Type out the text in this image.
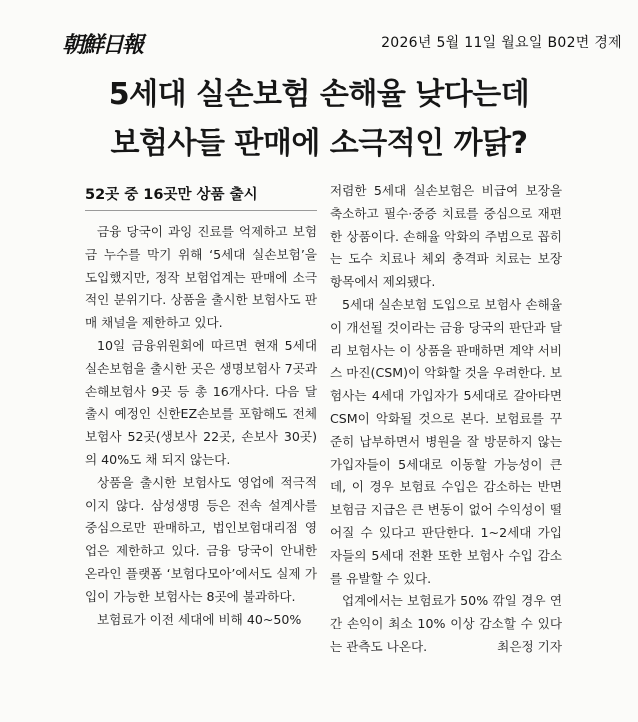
朝鮮日報	2026년 5월 11일 월요일 B02면 경제
5세대 실손보험 손해율 낮다는데
보험사들 판매에 소극적인 까닭?
52곳 중 16곳만 상품 출시

금융 당국이 과잉 진료를 억제하고 보험금 누수를 막기 위해 ‘5세대 실손보험’을 도입했지만, 정작 보험업계는 판매에 소극적인 분위기다. 상품을 출시한 보험사도 판매 채널을 제한하고 있다.

10일 금융위원회에 따르면 현재 5세대 실손보험을 출시한 곳은 생명보험사 7곳과 손해보험사 9곳 등 총 16개사다. 다음 달 출시 예정인 신한EZ손보를 포함해도 전체 보험사 52곳(생보사 22곳, 손보사 30곳)의 40%도 채 되지 않는다.

상품을 출시한 보험사도 영업에 적극적이지 않다. 삼성생명 등은 전속 설계사를 중심으로만 판매하고, 법인보험대리점 영업은 제한하고 있다. 금융 당국이 안내한 온라인 플랫폼 ‘보험다모아’에서도 실제 가입이 가능한 보험사는 8곳에 불과하다.

보험료가 이전 세대에 비해 40~50%

저렴한 5세대 실손보험은 비급여 보장을 축소하고 필수·중증 치료를 중심으로 재편한 상품이다. 손해율 악화의 주범으로 꼽히는 도수 치료나 체외 충격파 치료는 보장 항목에서 제외됐다.

5세대 실손보험 도입으로 보험사 손해율이 개선될 것이라는 금융 당국의 판단과 달리 보험사는 이 상품을 판매하면 계약 서비스 마진(CSM)이 악화할 것을 우려한다. 보험사는 4세대 가입자가 5세대로 갈아타면 CSM이 악화될 것으로 본다. 보험료를 꾸준히 납부하면서 병원을 잘 방문하지 않는 가입자들이 5세대로 이동할 가능성이 큰데, 이 경우 보험료 수입은 감소하는 반면 보험금 지급은 큰 변동이 없어 수익성이 떨어질 수 있다고 판단한다. 1~2세대 가입자들의 5세대 전환 또한 보험사 수입 감소를 유발할 수 있다.

업계에서는 보험료가 50% 깎일 경우 연간 손익이 최소 10% 이상 감소할 수 있다는 관측도 나온다.	최은정 기자
